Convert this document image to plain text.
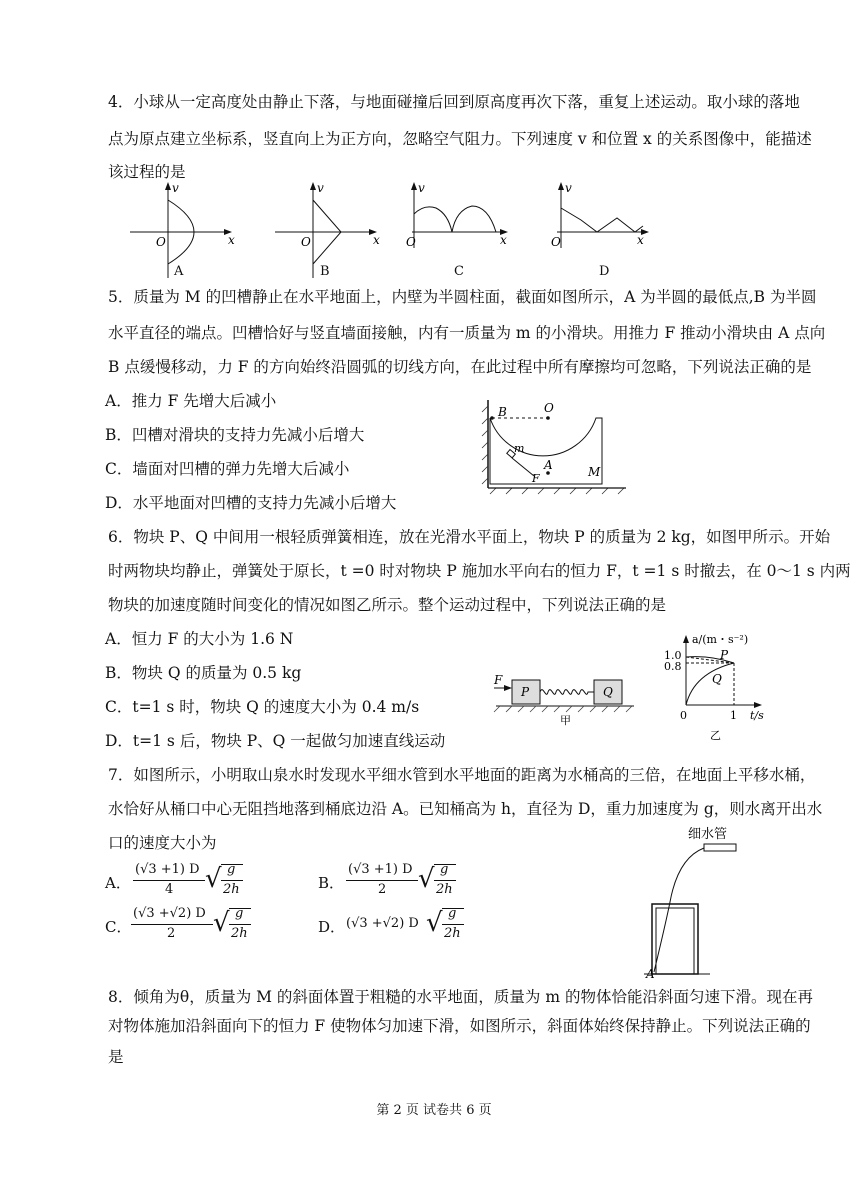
4．小球从一定高度处由静止下落，与地面碰撞后回到原高度再次下落，重复上述运动。取小球的落地
点为原点建立坐标系，竖直向上为正方向，忽略空气阻力。下列速度 v 和位置 x 的关系图像中，能描述
该过程的是
v
x
O
A
v
x
O
B
v
x
O
C
v
x
O
D
5．质量为 M 的凹槽静止在水平地面上，内壁为半圆柱面，截面如图所示，A 为半圆的最低点,B 为半圆
水平直径的端点。凹槽恰好与竖直墙面接触，内有一质量为 m 的小滑块。用推力 F 推动小滑块由 A 点向
B 点缓慢移动，力 F 的方向始终沿圆弧的切线方向，在此过程中所有摩擦均可忽略，下列说法正确的是
A．推力 F 先增大后减小
B．凹槽对滑块的支持力先减小后增大
C．墙面对凹槽的弹力先增大后减小
D．水平地面对凹槽的支持力先减小后增大
B	O
m
A
F	M
6．物块 P、Q 中间用一根轻质弹簧相连，放在光滑水平面上，物块 P 的质量为 2 kg，如图甲所示。开始
时两物块均静止，弹簧处于原长，t =0 时对物块 P 施加水平向右的恒力 F，t =1 s 时撤去，在 0～1 s 内两
物块的加速度随时间变化的情况如图乙所示。整个运动过程中，下列说法正确的是
A．恒力 F 的大小为 1.6 N
B．物块 Q 的质量为 0.5 kg
C．t=1 s 时，物块 Q 的速度大小为 0.4 m/s
D．t=1 s 后，物块 P、Q 一起做匀加速直线运动
F
P	Q
甲
a/(m・s⁻²)
1.0
0.8
0	1 t/s
P
Q
乙
7．如图所示，小明取山泉水时发现水平细水管到水平地面的距离为水桶高的三倍，在地面上平移水桶，
水恰好从桶口中心无阻挡地落到桶底边沿 A。已知桶高为 h，直径为 D，重力加速度为 g，则水离开出水
口的速度大小为
A．
(√3 +1) D
4 √ g
2h	B．
(√3 +1) D
2 √ g
2h
C．
(√3 +√2) D
2 √ g
2h	D． (√3 +√2) D √ g
2h
细水管
A
8．倾角为θ，质量为 M 的斜面体置于粗糙的水平地面，质量为 m 的物体恰能沿斜面匀速下滑。现在再
对物体施加沿斜面向下的恒力 F 使物体匀加速下滑，如图所示，斜面体始终保持静止。下列说法正确的
是
第 2 页 试卷共 6 页
